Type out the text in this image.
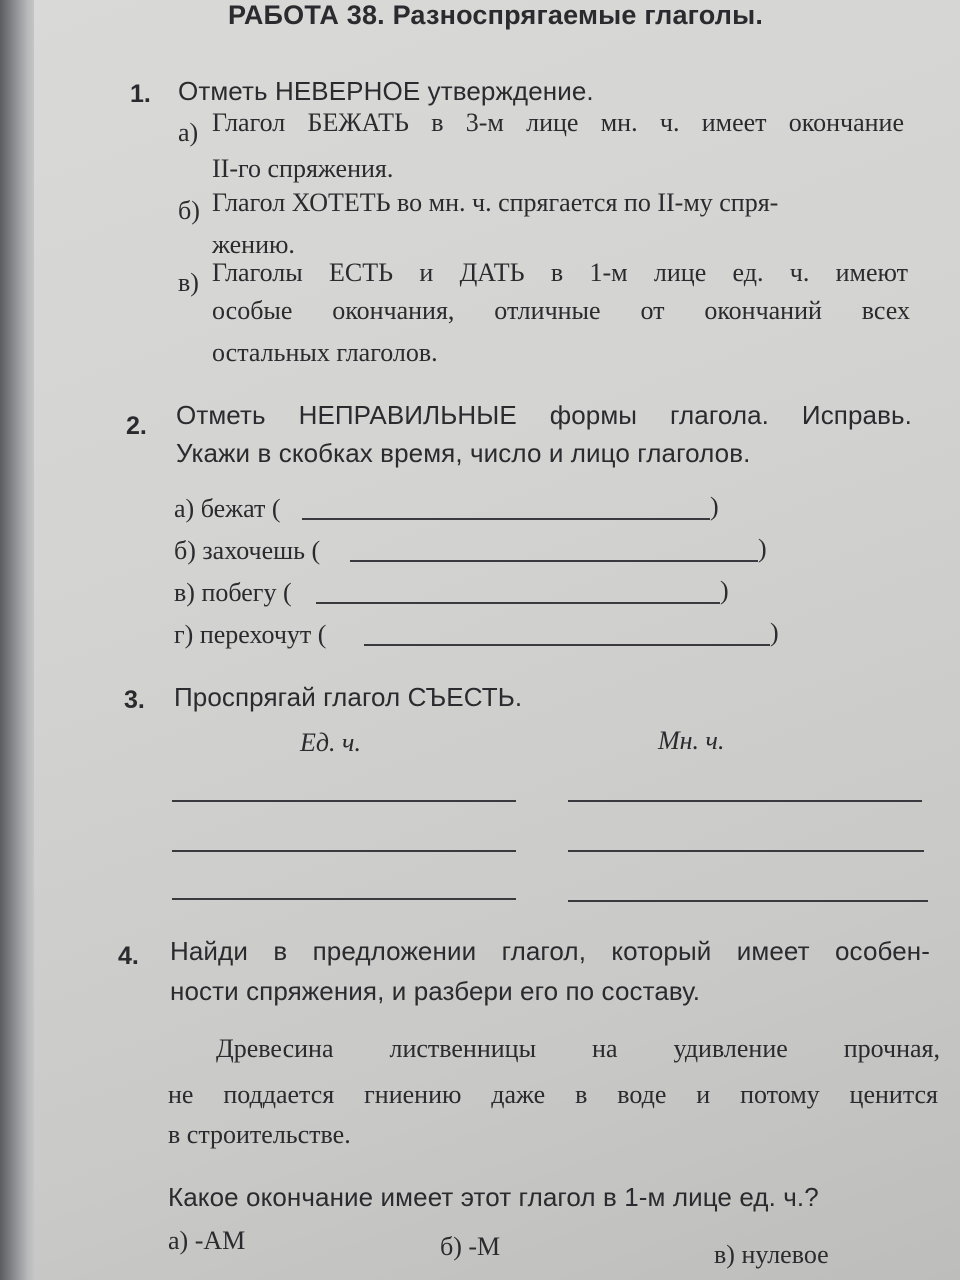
РАБОТА 38. Разноспрягаемые глаголы.
1. Отметь НЕВЕРНОЕ утверждение.
а) Глагол БЕЖАТЬ в 3-м лице мн. ч. имеет окончание
II-го спряжения.
б) Глагол ХОТЕТЬ во мн. ч. спрягается по II-му спря-
жению.
в) Глаголы ЕСТЬ и ДАТЬ в 1-м лице ед. ч. имеют
особые окончания, отличные от окончаний всех
остальных глаголов.
2. Отметь НЕПРАВИЛЬНЫЕ формы глагола. Исправь.
Укажи в скобках время, число и лицо глаголов.
а) бежат (	)
б) захочешь (	)
в) побегу (	)
г) перехочут (	)
3. Проспрягай глагол СЪЕСТЬ.
Ед. ч.	Мн. ч.
4. Найди в предложении глагол, который имеет особен-
ности спряжения, и разбери его по составу.
Древесина лиственницы на удивление прочная,
не поддается гниению даже в воде и потому ценится
в строительстве.
Какое окончание имеет этот глагол в 1-м лице ед. ч.?
а) -АМ	б) -М	в) нулевое
